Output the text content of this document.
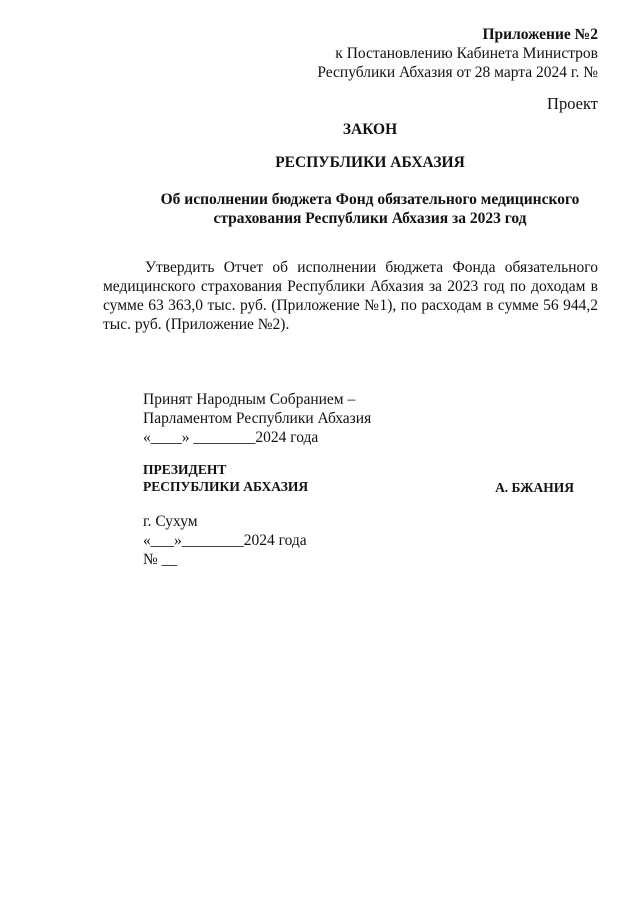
Приложение №2
к Постановлению Кабинета Министров
Республики Абхазия от 28 марта 2024 г. №
Проект
ЗАКОН
РЕСПУБЛИКИ АБХАЗИЯ
Об исполнении бюджета Фонд обязательного медицинского
страхования Республики Абхазия за 2023 год
Утвердить Отчет об исполнении бюджета Фонда обязательного медицинского страхования Республики Абхазия за 2023 год по доходам в сумме 63 363,0 тыс. руб. (Приложение №1), по расходам в сумме 56 944,2 тыс. руб. (Приложение №2).
Принят Народным Собранием –
Парламентом Республики Абхазия
«____» ________2024 года
ПРЕЗИДЕНТ
РЕСПУБЛИКИ АБХАЗИЯ	А. БЖАНИЯ
г. Сухум
«___»________2024 года
№ __
